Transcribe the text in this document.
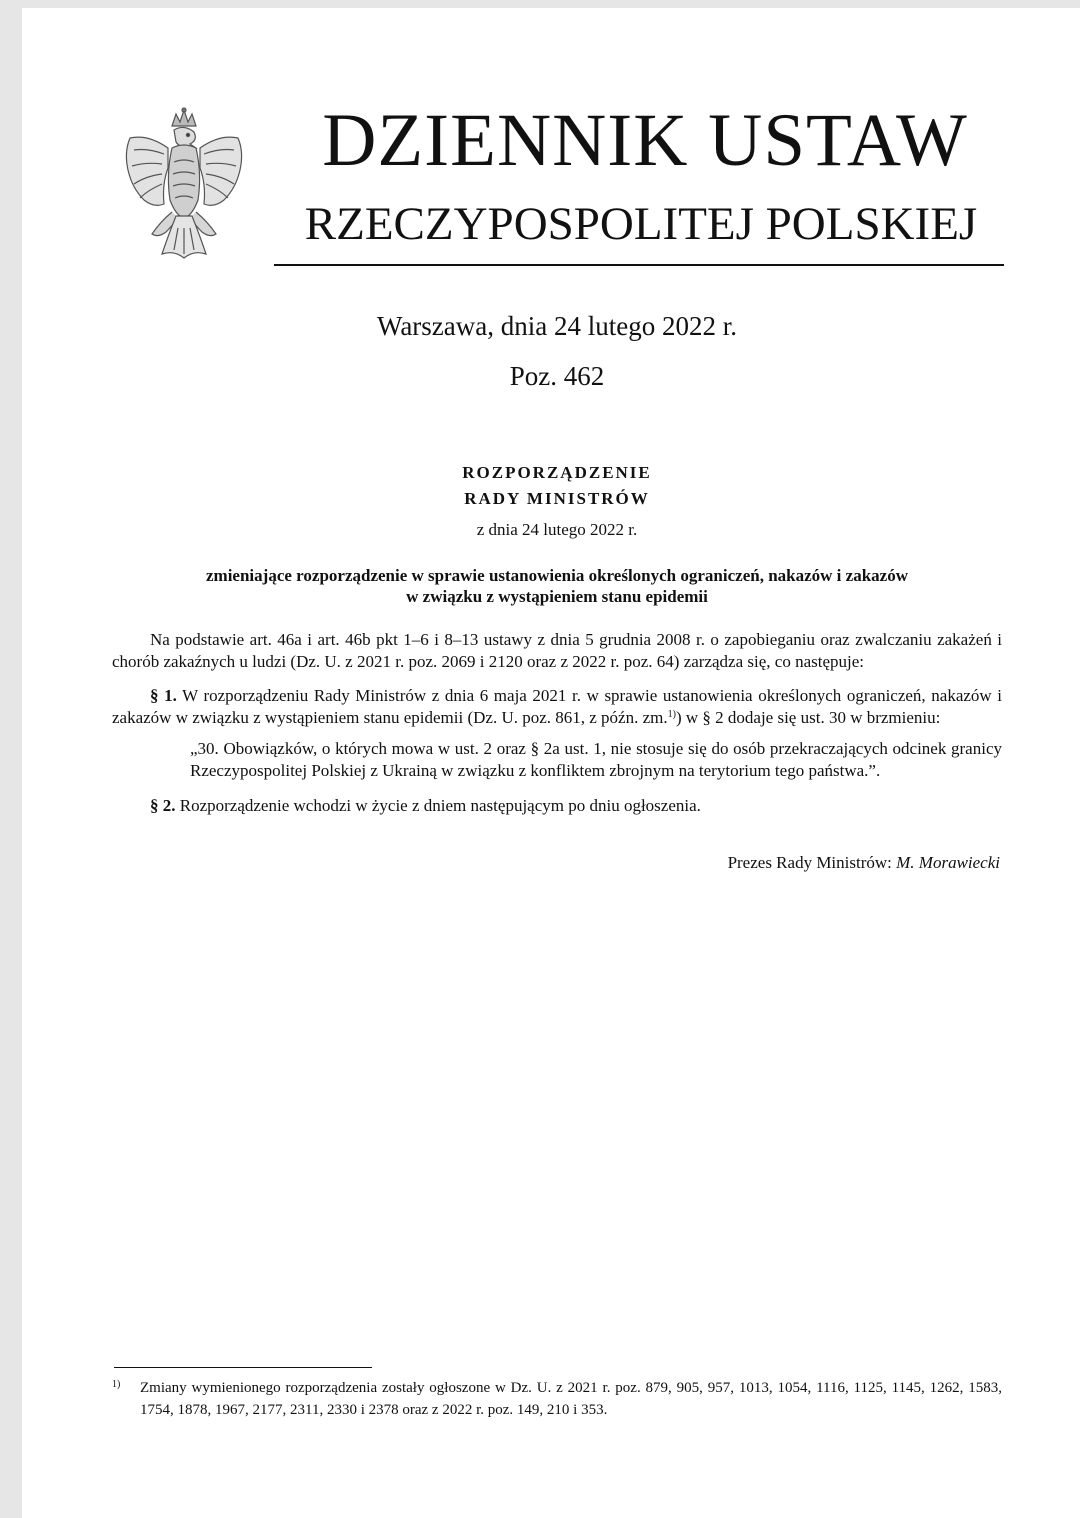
DZIENNIK USTAW
RZECZYPOSPOLITEJ POLSKIEJ
Warszawa, dnia 24 lutego 2022 r.
Poz. 462
ROZPORZĄDZENIE
RADY MINISTRÓW
z dnia 24 lutego 2022 r.
zmieniające rozporządzenie w sprawie ustanowienia określonych ograniczeń, nakazów i zakazów
w związku z wystąpieniem stanu epidemii
Na podstawie art. 46a i art. 46b pkt 1–6 i 8–13 ustawy z dnia 5 grudnia 2008 r. o zapobieganiu oraz zwalczaniu zakażeń i chorób zakaźnych u ludzi (Dz. U. z 2021 r. poz. 2069 i 2120 oraz z 2022 r. poz. 64) zarządza się, co następuje:
§ 1. W rozporządzeniu Rady Ministrów z dnia 6 maja 2021 r. w sprawie ustanowienia określonych ograniczeń, nakazów i zakazów w związku z wystąpieniem stanu epidemii (Dz. U. poz. 861, z późn. zm.$^{1)}$) w § 2 dodaje się ust. 30 w brzmieniu:
„30. Obowiązków, o których mowa w ust. 2 oraz § 2a ust. 1, nie stosuje się do osób przekraczających odcinek granicy Rzeczypospolitej Polskiej z Ukrainą w związku z konfliktem zbrojnym na terytorium tego państwa.”.
§ 2. Rozporządzenie wchodzi w życie z dniem następującym po dniu ogłoszenia.
Prezes Rady Ministrów: M. Morawiecki
1) Zmiany wymienionego rozporządzenia zostały ogłoszone w Dz. U. z 2021 r. poz. 879, 905, 957, 1013, 1054, 1116, 1125, 1145, 1262, 1583, 1754, 1878, 1967, 2177, 2311, 2330 i 2378 oraz z 2022 r. poz. 149, 210 i 353.
